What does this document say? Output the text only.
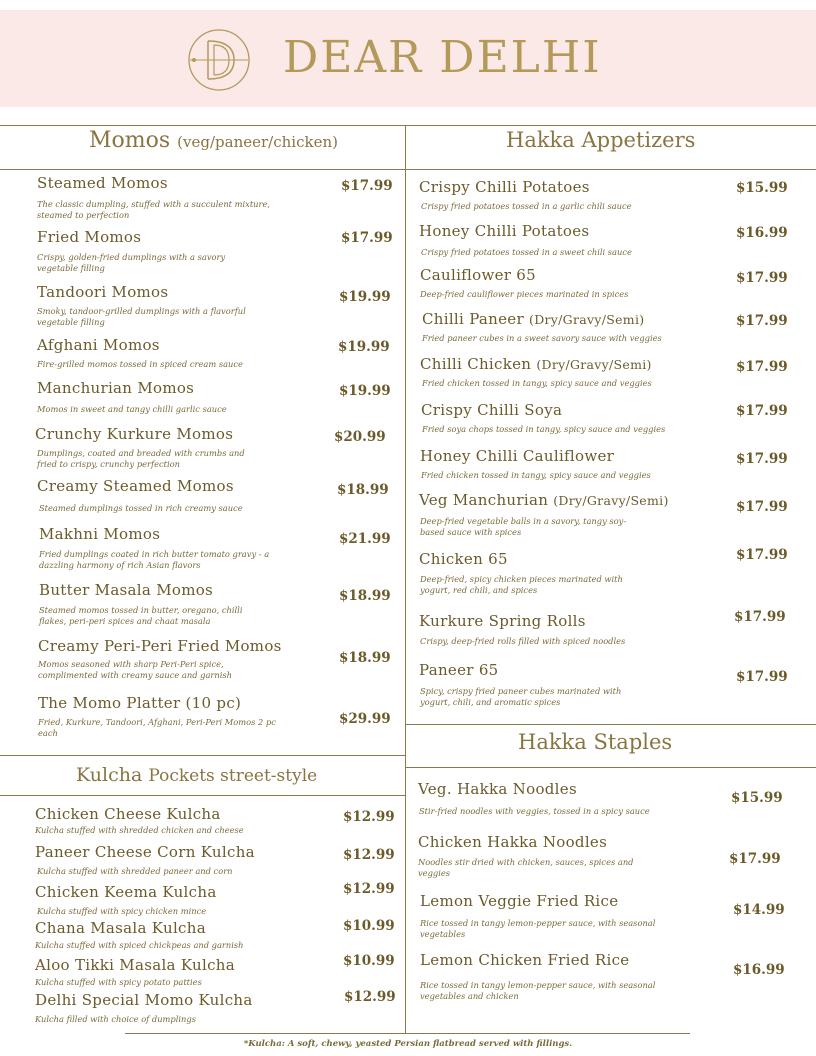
DEAR DELHI
Momos (veg/paneer/chicken)	Hakka Appetizers
Kulcha Pockets street-style
Hakka Staples
Steamed Momos
The classic dumpling, stuffed with a succulent mixture, steamed to perfection
$17.99
Fried Momos
Crispy, golden-fried dumplings with a savory vegetable filling
$17.99
Tandoori Momos
Smoky, tandoor-grilled dumplings with a flavorful vegetable filling
$19.99
Afghani Momos
Fire-grilled momos tossed in spiced cream sauce
$19.99
Manchurian Momos
Momos in sweet and tangy chilli garlic sauce
$19.99
Crunchy Kurkure Momos
Dumplings, coated and breaded with crumbs and fried to crispy, crunchy perfection
$20.99
Creamy Steamed Momos
Steamed dumplings tossed in rich creamy sauce
$18.99
Makhni Momos
Fried dumplings coated in rich butter tomato gravy - a dazzling harmony of rich Asian flavors
$21.99
Butter Masala Momos
Steamed momos tossed in butter, oregano, chilli flakes, peri-peri spices and chaat masala
$18.99
Creamy Peri-Peri Fried Momos
Momos seasoned with sharp Peri-Peri spice, complimented with creamy sauce and garnish
$18.99
The Momo Platter (10 pc)
Fried, Kurkure, Tandoori, Afghani, Peri-Peri Momos 2 pc each
$29.99
Chicken Cheese Kulcha
Kulcha stuffed with shredded chicken and cheese
$12.99
Paneer Cheese Corn Kulcha
Kulcha stuffed with shredded paneer and corn
$12.99
Chicken Keema Kulcha
Kulcha stuffed with spicy chicken mince
$12.99
Chana Masala Kulcha
Kulcha stuffed with spiced chickpeas and garnish
$10.99
Aloo Tikki Masala Kulcha
Kulcha stuffed with spicy potato patties
$10.99
Delhi Special Momo Kulcha
Kulcha filled with choice of dumplings
$12.99
Crispy Chilli Potatoes
Crispy fried potatoes tossed in a garlic chili sauce
$15.99
Honey Chilli Potatoes
Crispy fried potatoes tossed in a sweet chili sauce
$16.99
Cauliflower 65
Deep-fried cauliflower pieces marinated in spices
$17.99
Chilli Paneer (Dry/Gravy/Semi)
Fried paneer cubes in a sweet savory sauce with veggies
$17.99
Chilli Chicken (Dry/Gravy/Semi)
Fried chicken tossed in tangy, spicy sauce and veggies
$17.99
Crispy Chilli Soya
Fried soya chops tossed in tangy, spicy sauce and veggies
$17.99
Honey Chilli Cauliflower
Fried chicken tossed in tangy, spicy sauce and veggies
$17.99
Veg Manchurian (Dry/Gravy/Semi)
Deep-fried vegetable balls in a savory, tangy soy-based sauce with spices
$17.99
Chicken 65
Deep-fried, spicy chicken pieces marinated with yogurt, red chili, and spices
$17.99
Kurkure Spring Rolls
Crispy, deep-fried rolls filled with spiced noodles
$17.99
Paneer 65
Spicy, crispy fried paneer cubes marinated with yogurt, chili, and aromatic spices
$17.99
Veg. Hakka Noodles
Stir-fried noodles with veggies, tossed in a spicy sauce
$15.99
Chicken Hakka Noodles
Noodles stir dried with chicken, sauces, spices and veggies
$17.99
Lemon Veggie Fried Rice
Rice tossed in tangy lemon-pepper sauce, with seasonal vegetables
$14.99
Lemon Chicken Fried Rice
Rice tossed in tangy lemon-pepper sauce, with seasonal vegetables and chicken
$16.99
*Kulcha: A soft, chewy, yeasted Persian flatbread served with fillings.
